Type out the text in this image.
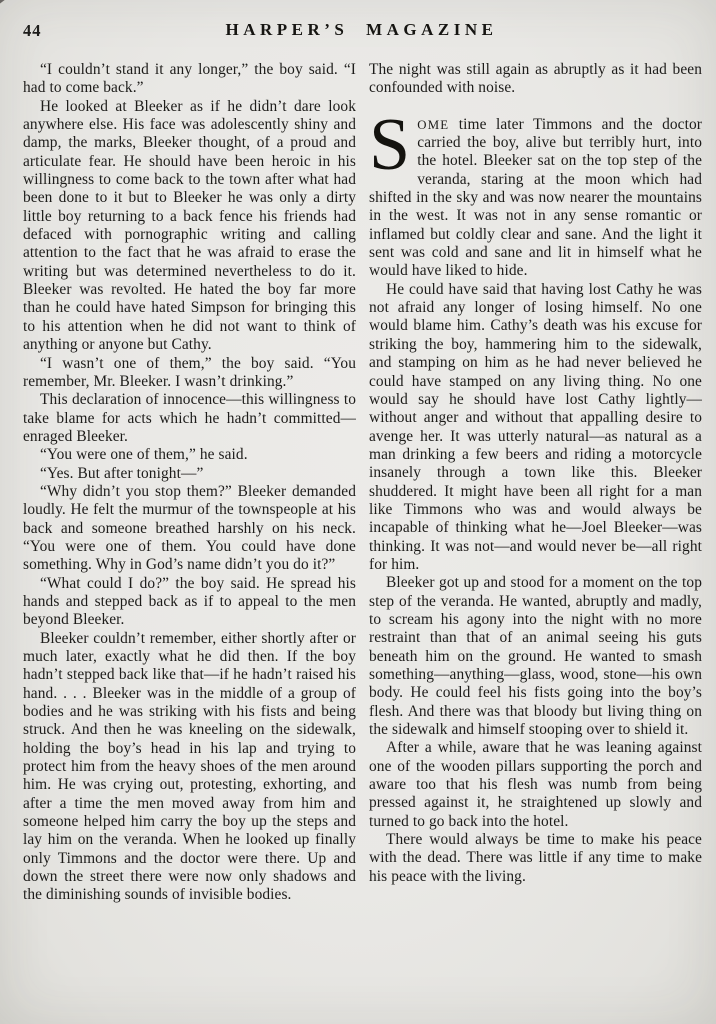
44	HARPER’S MAGAZINE

“I couldn’t stand it any longer,” the boy said. “I had to come back.”

He looked at Bleeker as if he didn’t dare look anywhere else. His face was adolescently shiny and damp, the marks, Bleeker thought, of a proud and articulate fear. He should have been heroic in his willingness to come back to the town after what had been done to it but to Bleeker he was only a dirty little boy returning to a back fence his friends had defaced with pornographic writing and calling attention to the fact that he was afraid to erase the writing but was determined nevertheless to do it. Bleeker was revolted. He hated the boy far more than he could have hated Simpson for bringing this to his attention when he did not want to think of anything or anyone but Cathy.

“I wasn’t one of them,” the boy said. “You remember, Mr. Bleeker. I wasn’t drinking.”

This declaration of innocence—this willingness to take blame for acts which he hadn’t committed—enraged Bleeker.

“You were one of them,” he said.

“Yes. But after tonight—”

“Why didn’t you stop them?” Bleeker demanded loudly. He felt the murmur of the townspeople at his back and someone breathed harshly on his neck. “You were one of them. You could have done something. Why in God’s name didn’t you do it?”

“What could I do?” the boy said. He spread his hands and stepped back as if to appeal to the men beyond Bleeker.

Bleeker couldn’t remember, either shortly after or much later, exactly what he did then. If the boy hadn’t stepped back like that—if he hadn’t raised his hand. . . . Bleeker was in the middle of a group of bodies and he was striking with his fists and being struck. And then he was kneeling on the sidewalk, holding the boy’s head in his lap and trying to protect him from the heavy shoes of the men around him. He was crying out, protesting, exhorting, and after a time the men moved away from him and someone helped him carry the boy up the steps and lay him on the veranda. When he looked up finally only Timmons and the doctor were there. Up and down the street there were now only shadows and the diminishing sounds of invisible bodies.

The night was still again as abruptly as it had been confounded with noise.

SOME time later Timmons and the doctor carried the boy, alive but terribly hurt, into the hotel. Bleeker sat on the top step of the veranda, staring at the moon which had shifted in the sky and was now nearer the mountains in the west. It was not in any sense romantic or inflamed but coldly clear and sane. And the light it sent was cold and sane and lit in himself what he would have liked to hide.

He could have said that having lost Cathy he was not afraid any longer of losing himself. No one would blame him. Cathy’s death was his excuse for striking the boy, hammering him to the sidewalk, and stamping on him as he had never believed he could have stamped on any living thing. No one would say he should have lost Cathy lightly—without anger and without that appalling desire to avenge her. It was utterly natural—as natural as a man drinking a few beers and riding a motorcycle insanely through a town like this. Bleeker shuddered. It might have been all right for a man like Timmons who was and would always be incapable of thinking what he—Joel Bleeker—was thinking. It was not—and would never be—all right for him.

Bleeker got up and stood for a moment on the top step of the veranda. He wanted, abruptly and madly, to scream his agony into the night with no more restraint than that of an animal seeing his guts beneath him on the ground. He wanted to smash something—anything—glass, wood, stone—his own body. He could feel his fists going into the boy’s flesh. And there was that bloody but living thing on the sidewalk and himself stooping over to shield it.

After a while, aware that he was leaning against one of the wooden pillars supporting the porch and aware too that his flesh was numb from being pressed against it, he straightened up slowly and turned to go back into the hotel.

There would always be time to make his peace with the dead. There was little if any time to make his peace with the living.
